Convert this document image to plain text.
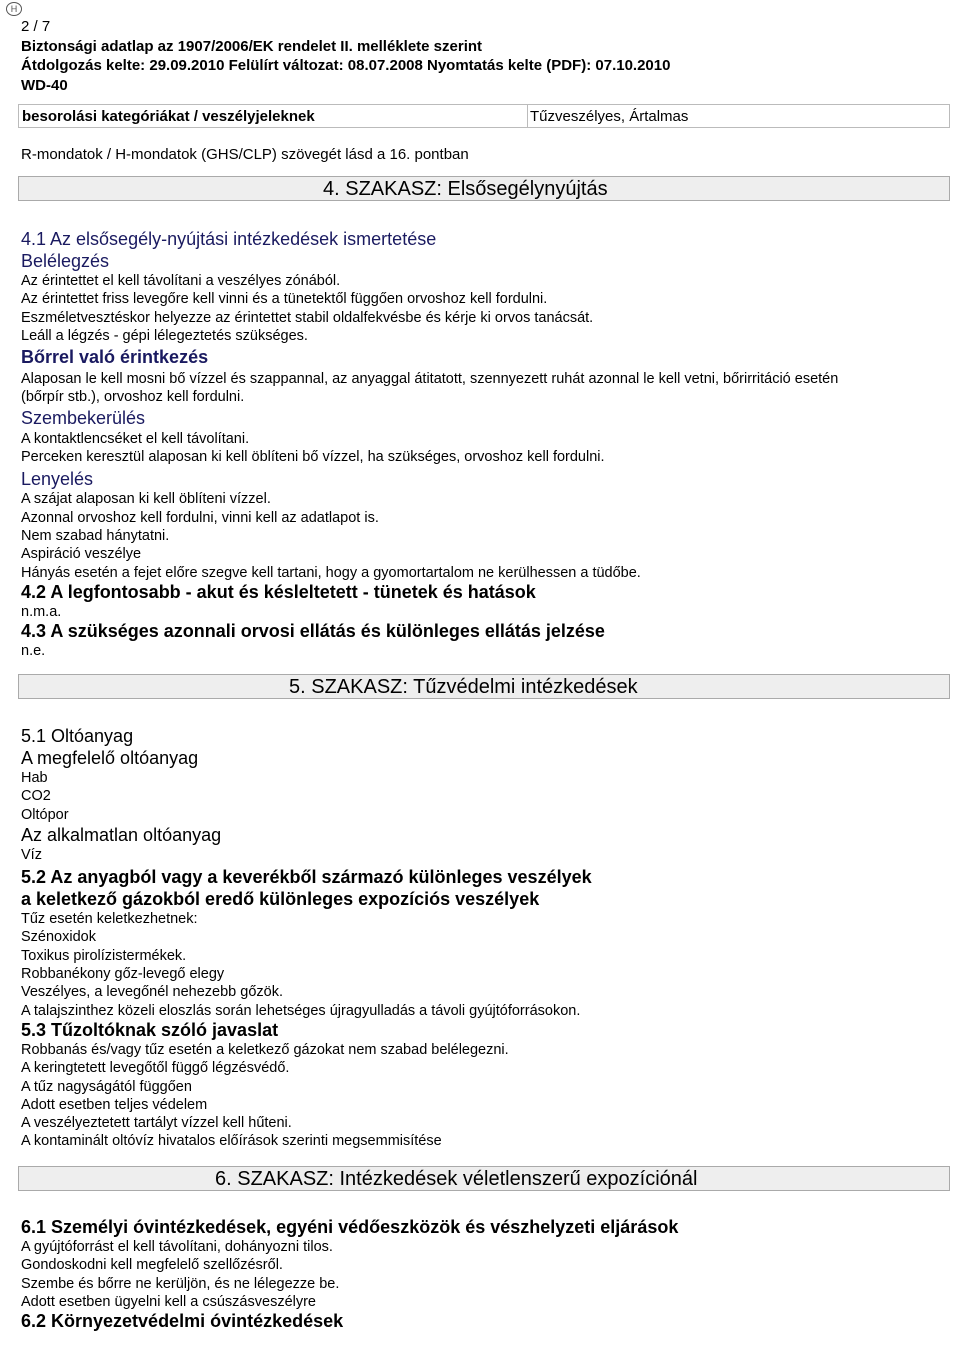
H
2 / 7
Biztonsági adatlap az 1907/2006/EK rendelet II. melléklete szerint
Átdolgozás kelte: 29.09.2010 Felülírt változat: 08.07.2008 Nyomtatás kelte (PDF): 07.10.2010
WD-40
besorolási kategóriákat / veszélyjeleknek	Tűzveszélyes, Ártalmas
R-mondatok / H-mondatok (GHS/CLP) szövegét lásd a 16. pontban
4. SZAKASZ: Elsősegélynyújtás
4.1 Az elsősegély-nyújtási intézkedések ismertetése
Belélegzés

Az érintettet el kell távolítani a veszélyes zónából.

Az érintettet friss levegőre kell vinni és a tünetektől függően orvoshoz kell fordulni.

Eszméletvesztéskor helyezze az érintettet stabil oldalfekvésbe és kérje ki orvos tanácsát.

Leáll a légzés - gépi lélegeztetés szükséges.

Bőrrel való érintkezés

Alaposan le kell mosni bő vízzel és szappannal, az anyaggal átitatott, szennyezett ruhát azonnal le kell vetni, bőrirritáció esetén

(bőrpír stb.), orvoshoz kell fordulni.

Szembekerülés

A kontaktlencséket el kell távolítani.

Perceken keresztül alaposan ki kell öblíteni bő vízzel, ha szükséges, orvoshoz kell fordulni.

Lenyelés

A szájat alaposan ki kell öblíteni vízzel.

Azonnal orvoshoz kell fordulni, vinni kell az adatlapot is.

Nem szabad hánytatni.

Aspiráció veszélye

Hányás esetén a fejet előre szegve kell tartani, hogy a gyomortartalom ne kerülhessen a tüdőbe.

4.2 A legfontosabb - akut és késleltetett - tünetek és hatások
n.m.a.
4.3 A szükséges azonnali orvosi ellátás és különleges ellátás jelzése
n.e.
5. SZAKASZ: Tűzvédelmi intézkedések
5.1 Oltóanyag
A megfelelő oltóanyag

Hab

CO2

Oltópor

Az alkalmatlan oltóanyag

Víz

5.2 Az anyagból vagy a keverékből származó különleges veszélyek
a keletkező gázokból eredő különleges expozíciós veszélyek

Tűz esetén keletkezhetnek:

Szénoxidok

Toxikus pirolízistermékek.

Robbanékony gőz-levegő elegy

Veszélyes, a levegőnél nehezebb gőzök.

A talajszinthez közeli eloszlás során lehetséges újragyulladás a távoli gyújtóforrásokon.

5.3 Tűzoltóknak szóló javaslat

Robbanás és/vagy tűz esetén a keletkező gázokat nem szabad belélegezni.

A keringtetett levegőtől függő légzésvédő.

A tűz nagyságától függően

Adott esetben teljes védelem

A veszélyeztetett tartályt vízzel kell hűteni.

A kontaminált oltóvíz hivatalos előírások szerinti megsemmisítése

6. SZAKASZ: Intézkedések véletlenszerű expozíciónál
6.1 Személyi óvintézkedések, egyéni védőeszközök és vészhelyzeti eljárások

A gyújtóforrást el kell távolítani, dohányozni tilos.

Gondoskodni kell megfelelő szellőzésről.

Szembe és bőrre ne kerüljön, és ne lélegezze be.

Adott esetben ügyelni kell a csúszásveszélyre

6.2 Környezetvédelmi óvintézkedések
